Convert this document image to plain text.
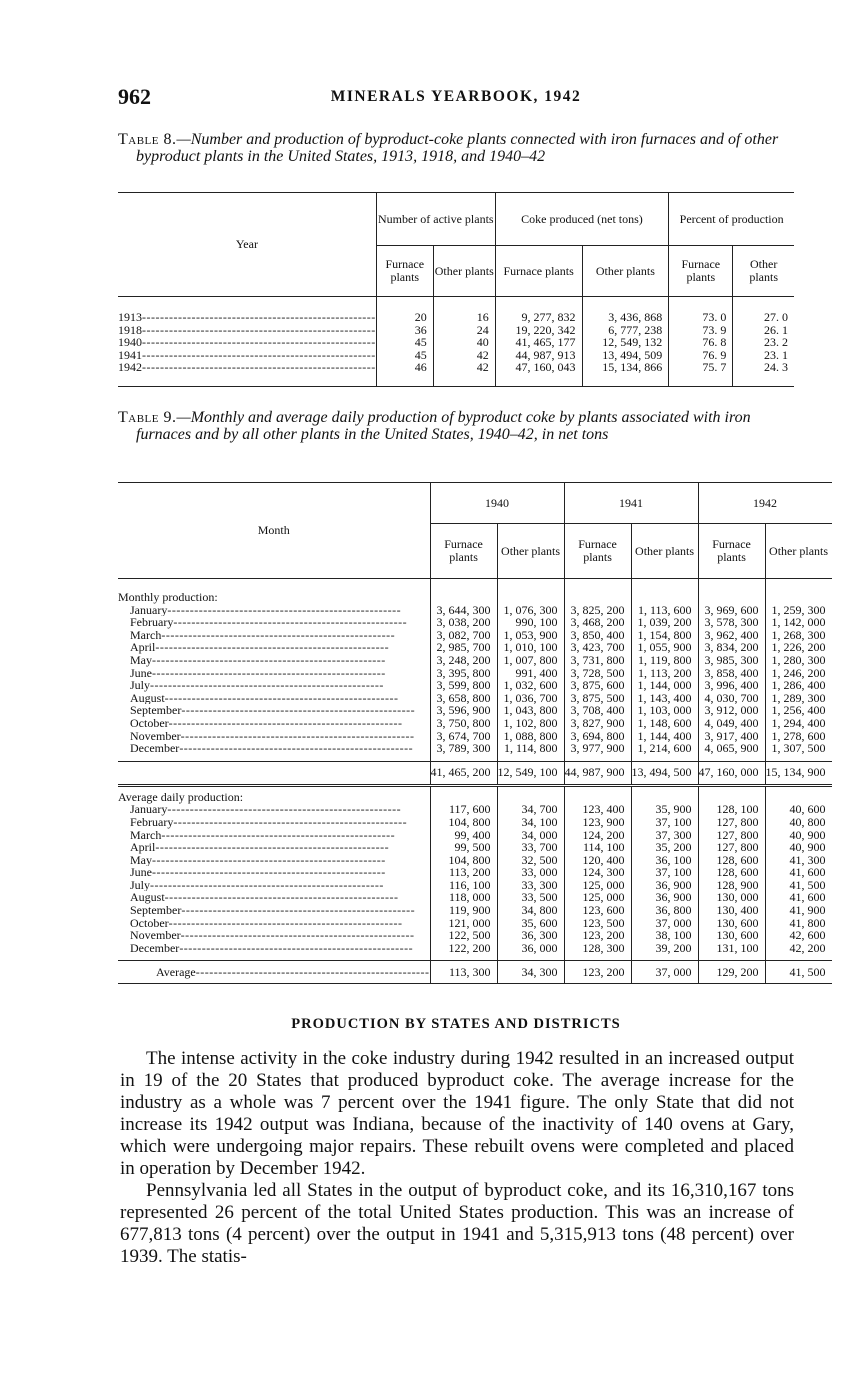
962	MINERALS YEARBOOK, 1942
Table 8.—Number and production of byproduct-coke plants connected with iron furnaces and of other byproduct plants in the United States, 1913, 1918, and 1940–42
Year	Number of active plants		Coke produced (net tons)		Percent of production	
	Furnace plants	Other plants	Furnace plants	Other plants	Furnace plants	Other plants

1913 -----	20	16	9, 277, 832	3, 436, 868	73. 0	27. 0

1918 -----	36	24	19, 220, 342	6, 777, 238	73. 9	26. 1

1940 -----	45	40	41, 465, 177	12, 549, 132	76. 8	23. 2

1941 -----	45	42	44, 987, 913	13, 494, 509	76. 9	23. 1

1942 -----	46	42	47, 160, 043	15, 134, 866	75. 7	24. 3

Table 9.—Monthly and average daily production of byproduct coke by plants associated with iron furnaces and by all other plants in the United States, 1940–42, in net tons
Month	1940		1941		1942	
	Furnace plants	Other plants	Furnace plants	Other plants	Furnace plants	Other plants

Monthly production:						

January -----	3, 644, 300	1, 076, 300	3, 825, 200	1, 113, 600	3, 969, 600	1, 259, 300

February -----	3, 038, 200	990, 100	3, 468, 200	1, 039, 200	3, 578, 300	1, 142, 000

March -----	3, 082, 700	1, 053, 900	3, 850, 400	1, 154, 800	3, 962, 400	1, 268, 300

April -----	2, 985, 700	1, 010, 100	3, 423, 700	1, 055, 900	3, 834, 200	1, 226, 200

May -----	3, 248, 200	1, 007, 800	3, 731, 800	1, 119, 800	3, 985, 300	1, 280, 300

June -----	3, 395, 800	991, 400	3, 728, 500	1, 113, 200	3, 858, 400	1, 246, 200

July -----	3, 599, 800	1, 032, 600	3, 875, 600	1, 144, 000	3, 996, 400	1, 286, 400

August -----	3, 658, 800	1, 036, 700	3, 875, 500	1, 143, 400	4, 030, 700	1, 289, 300

September -----	3, 596, 900	1, 043, 800	3, 708, 400	1, 103, 000	3, 912, 000	1, 256, 400

October -----	3, 750, 800	1, 102, 800	3, 827, 900	1, 148, 600	4, 049, 400	1, 294, 400

November -----	3, 674, 700	1, 088, 800	3, 694, 800	1, 144, 400	3, 917, 400	1, 278, 600

December -----	3, 789, 300	1, 114, 800	3, 977, 900	1, 214, 600	4, 065, 900	1, 307, 500

	41, 465, 200	12, 549, 100	44, 987, 900	13, 494, 500	47, 160, 000	15, 134, 900

Average daily production:						

January -----	117, 600	34, 700	123, 400	35, 900	128, 100	40, 600

February -----	104, 800	34, 100	123, 900	37, 100	127, 800	40, 800

March -----	99, 400	34, 000	124, 200	37, 300	127, 800	40, 900

April -----	99, 500	33, 700	114, 100	35, 200	127, 800	40, 900

May -----	104, 800	32, 500	120, 400	36, 100	128, 600	41, 300

June -----	113, 200	33, 000	124, 300	37, 100	128, 600	41, 600

July -----	116, 100	33, 300	125, 000	36, 900	128, 900	41, 500

August -----	118, 000	33, 500	125, 000	36, 900	130, 000	41, 600

September -----	119, 900	34, 800	123, 600	36, 800	130, 400	41, 900

October -----	121, 000	35, 600	123, 500	37, 000	130, 600	41, 800

November -----	122, 500	36, 300	123, 200	38, 100	130, 600	42, 600

December -----	122, 200	36, 000	128, 300	39, 200	131, 100	42, 200

Average -----	113, 300	34, 300	123, 200	37, 000	129, 200	41, 500
PRODUCTION BY STATES AND DISTRICTS

The intense activity in the coke industry during 1942 resulted in an increased output in 19 of the 20 States that produced byproduct coke. The average increase for the industry as a whole was 7 percent over the 1941 figure. The only State that did not increase its 1942 output was Indiana, because of the inactivity of 140 ovens at Gary, which were undergoing major repairs. These rebuilt ovens were completed and placed in operation by December 1942.

Pennsylvania led all States in the output of byproduct coke, and its 16,310,167 tons represented 26 percent of the total United States production. This was an increase of 677,813 tons (4 percent) over the output in 1941 and 5,315,913 tons (48 percent) over 1939. The statis-
